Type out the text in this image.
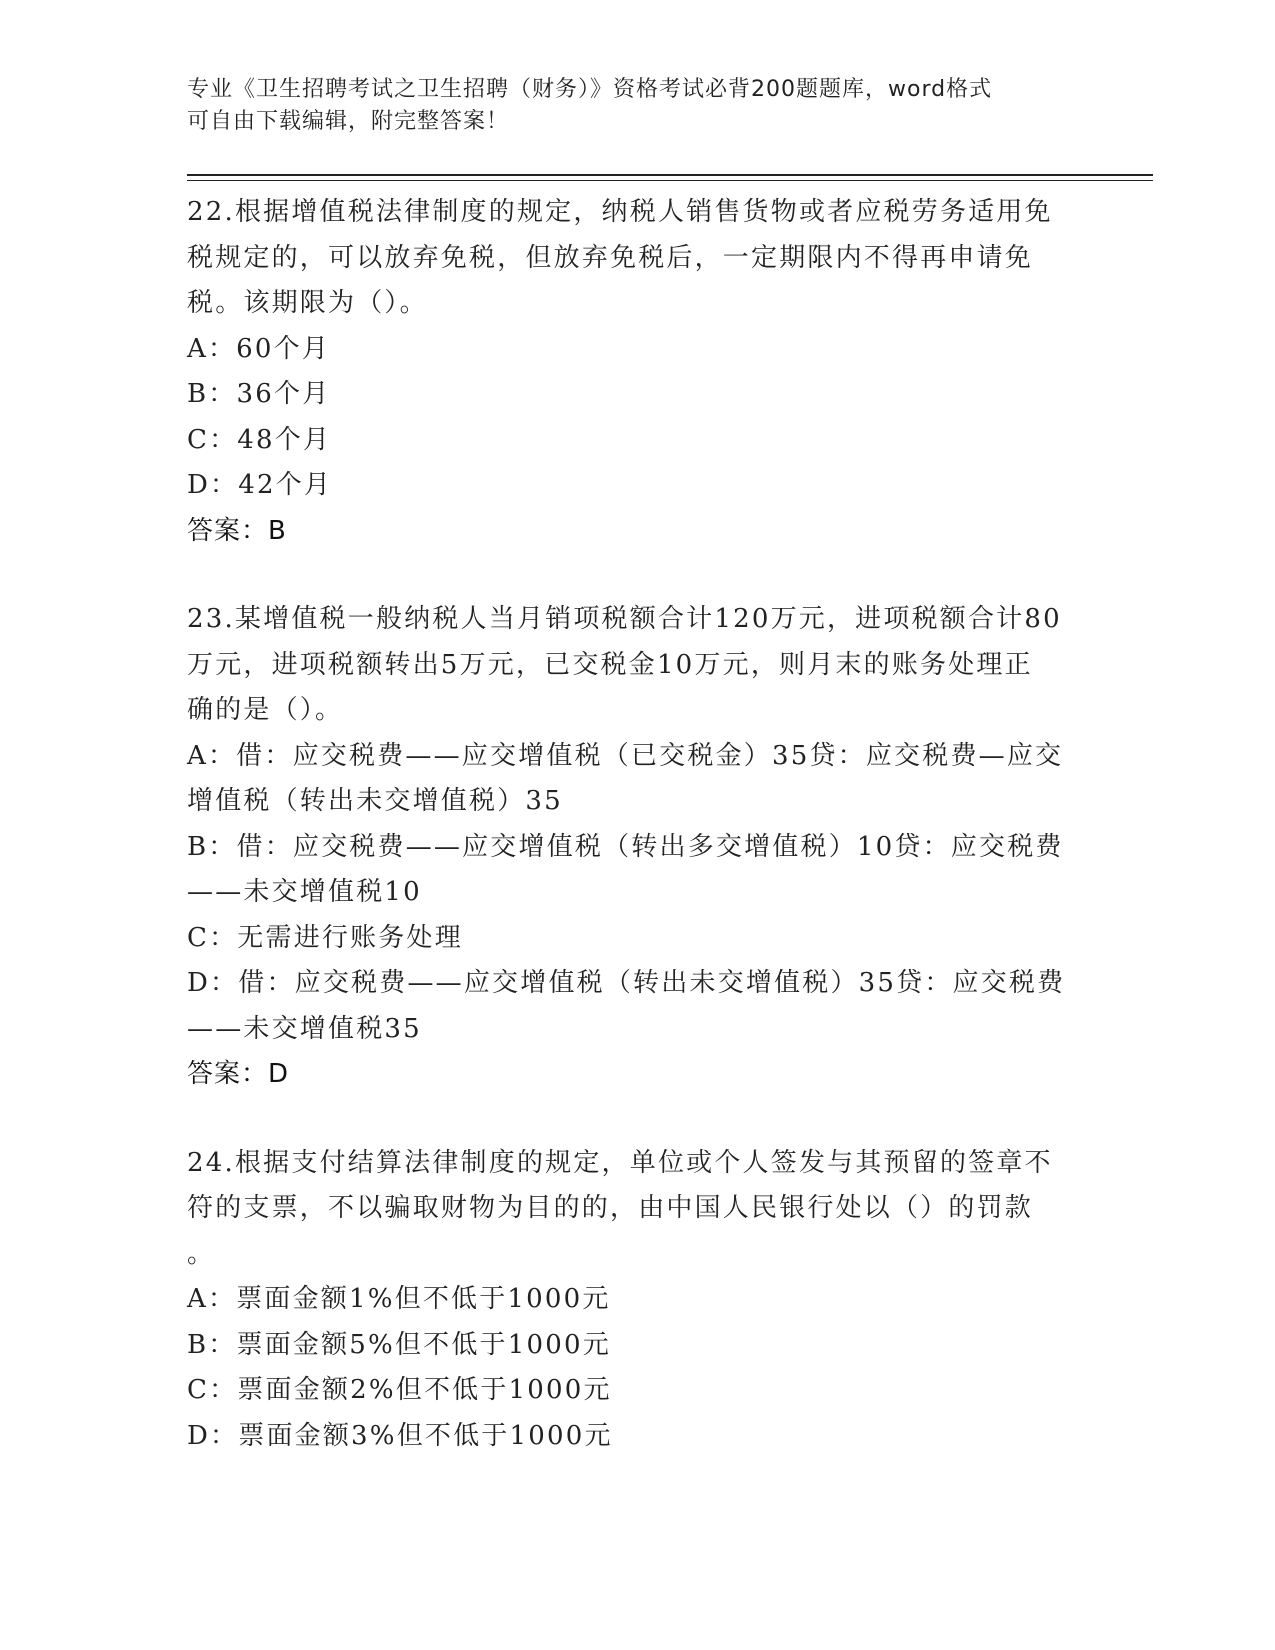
专业《卫生招聘考试之卫生招聘（财务）》资格考试必背200题题库，word格式
可自由下载编辑，附完整答案！
22.根据增值税法律制度的规定，纳税人销售货物或者应税劳务适用免
税规定的，可以放弃免税，但放弃免税后，一定期限内不得再申请免
税。该期限为（）。
A：60个月
B：36个月
C：48个月
D：42个月
答案：B
23.某增值税一般纳税人当月销项税额合计120万元，进项税额合计80
万元，进项税额转出5万元，已交税金10万元，则月末的账务处理正
确的是（）。
A：借：应交税费——应交增值税（已交税金）35贷：应交税费—应交
增值税（转出未交增值税）35
B：借：应交税费——应交增值税（转出多交增值税）10贷：应交税费
——未交增值税10
C：无需进行账务处理
D：借：应交税费——应交增值税（转出未交增值税）35贷：应交税费
——未交增值税35
答案：D
24.根据支付结算法律制度的规定，单位或个人签发与其预留的签章不
符的支票，不以骗取财物为目的的，由中国人民银行处以（）的罚款
。
A：票面金额1%但不低于1000元
B：票面金额5%但不低于1000元
C：票面金额2%但不低于1000元
D：票面金额3%但不低于1000元
